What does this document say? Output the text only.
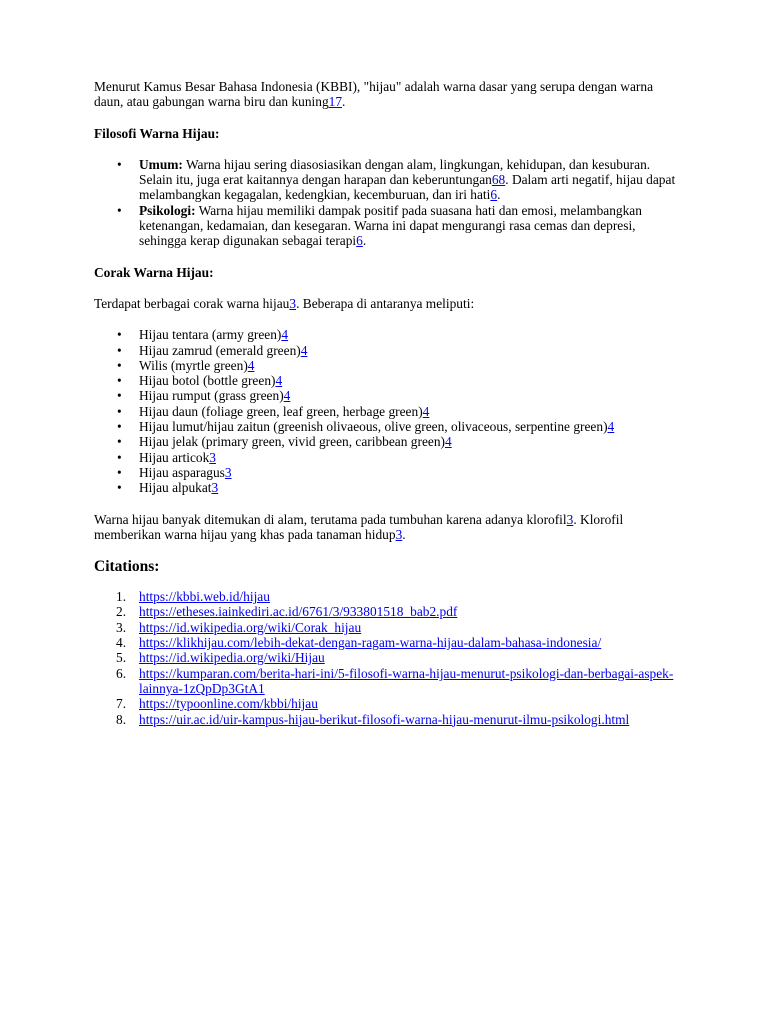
Menurut Kamus Besar Bahasa Indonesia (KBBI), "hijau" adalah warna dasar yang serupa dengan warna daun, atau gabungan warna biru dan kuning17.

Filosofi Warna Hijau:

• Umum: Warna hijau sering diasosiasikan dengan alam, lingkungan, kehidupan, dan kesuburan. Selain itu, juga erat kaitannya dengan harapan dan keberuntungan68. Dalam arti negatif, hijau dapat melambangkan kegagalan, kedengkian, kecemburuan, dan iri hati6.
• Psikologi: Warna hijau memiliki dampak positif pada suasana hati dan emosi, melambangkan ketenangan, kedamaian, dan kesegaran. Warna ini dapat mengurangi rasa cemas dan depresi, sehingga kerap digunakan sebagai terapi6.

Corak Warna Hijau:

Terdapat berbagai corak warna hijau3. Beberapa di antaranya meliputi:

• Hijau tentara (army green)4
• Hijau zamrud (emerald green)4
• Wilis (myrtle green)4
• Hijau botol (bottle green)4
• Hijau rumput (grass green)4
• Hijau daun (foliage green, leaf green, herbage green)4
• Hijau lumut/hijau zaitun (greenish olivaeous, olive green, olivaceous, serpentine green)4
• Hijau jelak (primary green, vivid green, caribbean green)4
• Hijau articok3
• Hijau asparagus3
• Hijau alpukat3

Warna hijau banyak ditemukan di alam, terutama pada tumbuhan karena adanya klorofil3. Klorofil memberikan warna hijau yang khas pada tanaman hidup3.

Citations:

1. https://kbbi.web.id/hijau
2. https://etheses.iainkediri.ac.id/6761/3/933801518_bab2.pdf
3. https://id.wikipedia.org/wiki/Corak_hijau
4. https://klikhijau.com/lebih-dekat-dengan-ragam-warna-hijau-dalam-bahasa-indonesia/
5. https://id.wikipedia.org/wiki/Hijau
6. https://kumparan.com/berita-hari-ini/5-filosofi-warna-hijau-menurut-psikologi-dan-berbagai-aspek-lainnya-1zQpDp3GtA1
7. https://typoonline.com/kbbi/hijau
8. https://uir.ac.id/uir-kampus-hijau-berikut-filosofi-warna-hijau-menurut-ilmu-psikologi.html
